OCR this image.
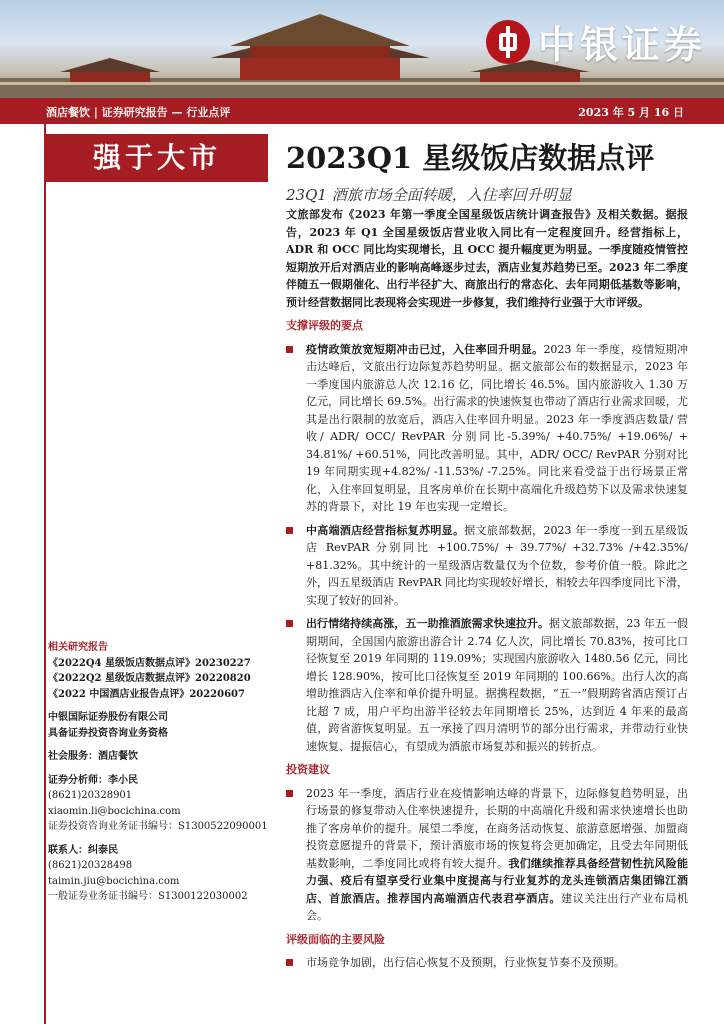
中银证券
酒店餐饮 | 证券研究报告 — 行业点评	2023 年 5 月 16 日
强于大市	2023Q1 星级饭店数据点评
23Q1 酒旅市场全面转暖，入住率回升明显

文旅部发布《2023 年第一季度全国星级饭店统计调查报告》及相关数据。据报告，2023 年 Q1 全国星级饭店营业收入同比有一定程度回升。经营指标上，ADR 和 OCC 同比均实现增长，且 OCC 提升幅度更为明显。一季度随疫情管控短期放开后对酒店业的影响高峰逐步过去，酒店业复苏趋势已至。2023 年二季度伴随五一假期催化、出行半径扩大、商旅出行的常态化、去年同期低基数等影响，预计经营数据同比表现将会实现进一步修复，我们维持行业强于大市评级。

支撑评级的要点
疫情政策放宽短期冲击已过，入住率回升明显。2023 年一季度，疫情短期冲击达峰后，文旅出行边际复苏趋势明显。据文旅部公布的数据显示，2023 年一季度国内旅游总人次 12.16 亿，同比增长 46.5%。国内旅游收入 1.30 万亿元，同比增长 69.5%。出行需求的快速恢复也带动了酒店行业需求回暖，尤其是出行限制的放宽后，酒店入住率回升明显。2023 年一季度酒店数量/ 营收/ ADR/ OCC/ RevPAR 分别同比-5.39%/ +40.75%/ +19.06%/ + 34.81%/ +60.51%，同比改善明显。其中，ADR/ OCC/ RevPAR 分别对比 19 年同期实现+4.82%/ -11.53%/ -7.25%。同比来看受益于出行场景正常化，入住率回复明显，且客房单价在长期中高端化升级趋势下以及需求快速复苏的背景下，对比 19 年也实现一定增长。
中高端酒店经营指标复苏明显。据文旅部数据，2023 年一季度一到五星级饭店 RevPAR 分别同比 +100.75%/ + 39.77%/ +32.73% /+42.35%/ +81.32%。其中统计的一星级酒店数量仅为个位数，参考价值一般。除此之外，四五星级酒店 RevPAR 同比均实现较好增长，相较去年四季度同比下滑，实现了较好的回补。
出行情绪持续高涨，五一助推酒旅需求快速拉升。据文旅部数据，23 年五一假期期间，全国国内旅游出游合计 2.74 亿人次，同比增长 70.83%，按可比口径恢复至 2019 年同期的 119.09%；实现国内旅游收入 1480.56 亿元，同比增长 128.90%，按可比口径恢复至 2019 年同期的 100.66%。出行人次的高增助推酒店入住率和单价提升明显。据携程数据，“五一”假期跨省酒店预订占比超 7 成，用户平均出游半径较去年同期增长 25%，达到近 4 年来的最高值，跨省游恢复明显。五一承接了四月清明节的部分出行需求，并带动行业快速恢复、提振信心，有望成为酒旅市场复苏和振兴的转折点。
投资建议
2023 年一季度，酒店行业在疫情影响达峰的背景下，边际修复趋势明显，出行场景的修复带动入住率快速提升，长期的中高端化升级和需求快速增长也助推了客房单价的提升。展望二季度，在商务活动恢复、旅游意愿增强、加盟商投资意愿提升的背景下，预计酒旅市场的恢复将会更加确定，且受去年同期低基数影响，二季度同比或将有较大提升。我们继续推荐具备经营韧性抗风险能力强、疫后有望享受行业集中度提高与行业复苏的龙头连锁酒店集团锦江酒店、首旅酒店。推荐国内高端酒店代表君亭酒店。建议关注出行产业布局机会。
评级面临的主要风险
市场竞争加剧，出行信心恢复不及预期，行业恢复节奏不及预期。
相关研究报告
《2022Q4 星级饭店数据点评》20230227
《2022Q2 星级饭店数据点评》20220820
《2022 中国酒店业报告点评》20220607
中银国际证券股份有限公司
具备证券投资咨询业务资格
社会服务：酒店餐饮
证券分析师：李小民
(8621)20328901
xiaomin.li@bocichina.com
证券投资咨询业务证书编号：S1300522090001
联系人：纠泰民
(8621)20328498
taimin.jiu@bocichina.com
一般证券业务证书编号：S1300122030002
